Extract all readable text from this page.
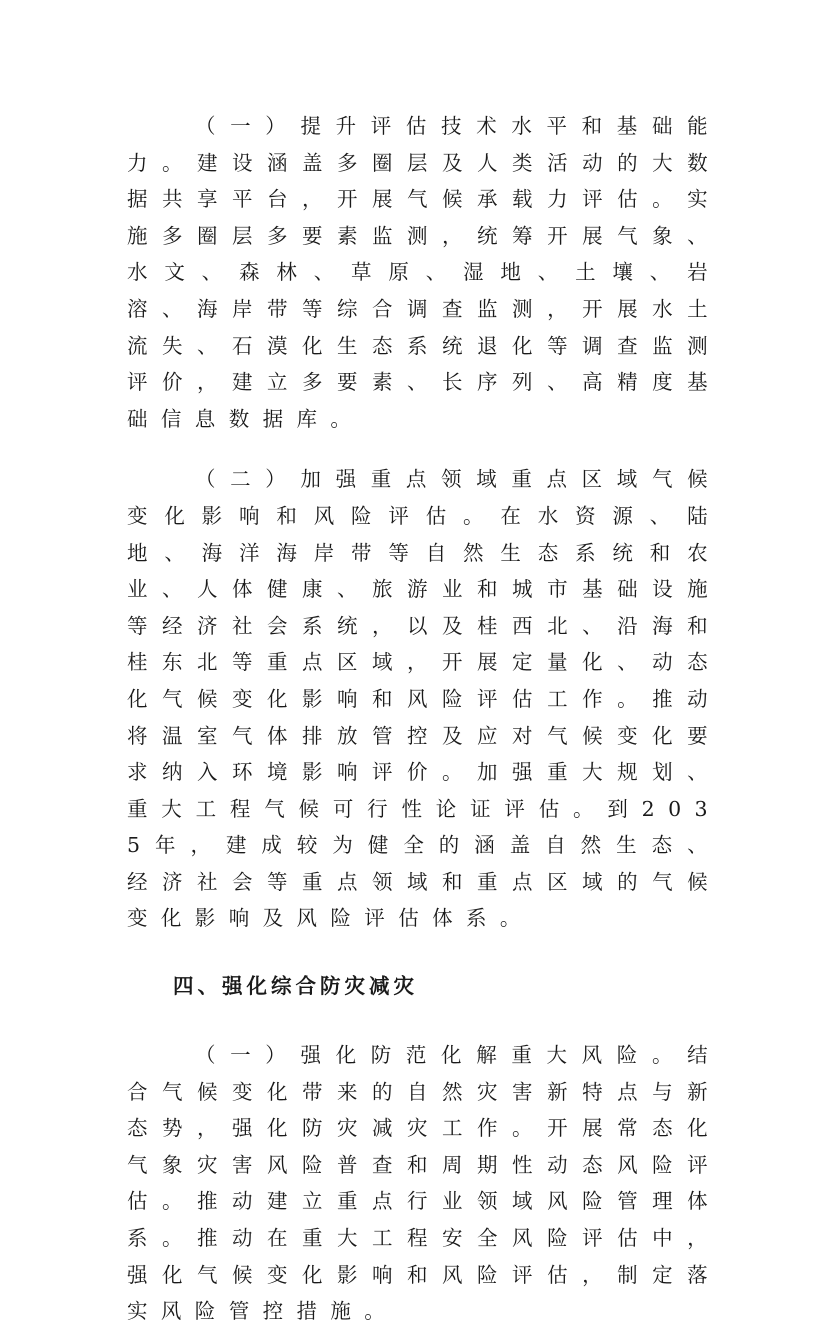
（一）提升评估技术水平和基础能力。建设涵盖多圈层及人类活动的大数据共享平台，开展气候承载力评估。实施多圈层多要素监测，统筹开展气象、水文、森林、草原、湿地、土壤、岩溶、海岸带等综合调查监测，开展水土流失、石漠化生态系统退化等调查监测评价，建立多要素、长序列、高精度基础信息数据库。

（二）加强重点领域重点区域气候变化影响和风险评估。在水资源、陆地、海洋海岸带等自然生态系统和农业、人体健康、旅游业和城市基础设施等经济社会系统，以及桂西北、沿海和桂东北等重点区域，开展定量化、动态化气候变化影响和风险评估工作。推动将温室气体排放管控及应对气候变化要求纳入环境影响评价。加强重大规划、重大工程气候可行性论证评估。到2035年，建成较为健全的涵盖自然生态、经济社会等重点领域和重点区域的气候变化影响及风险评估体系。

四、强化综合防灾减灾

（一）强化防范化解重大风险。结合气候变化带来的自然灾害新特点与新态势，强化防灾减灾工作。开展常态化气象灾害风险普查和周期性动态风险评估。推动建立重点行业领域风险管理体系。推动在重大工程安全风险评估中，强化气候变化影响和风险评估，制定落实风险管控措施。
